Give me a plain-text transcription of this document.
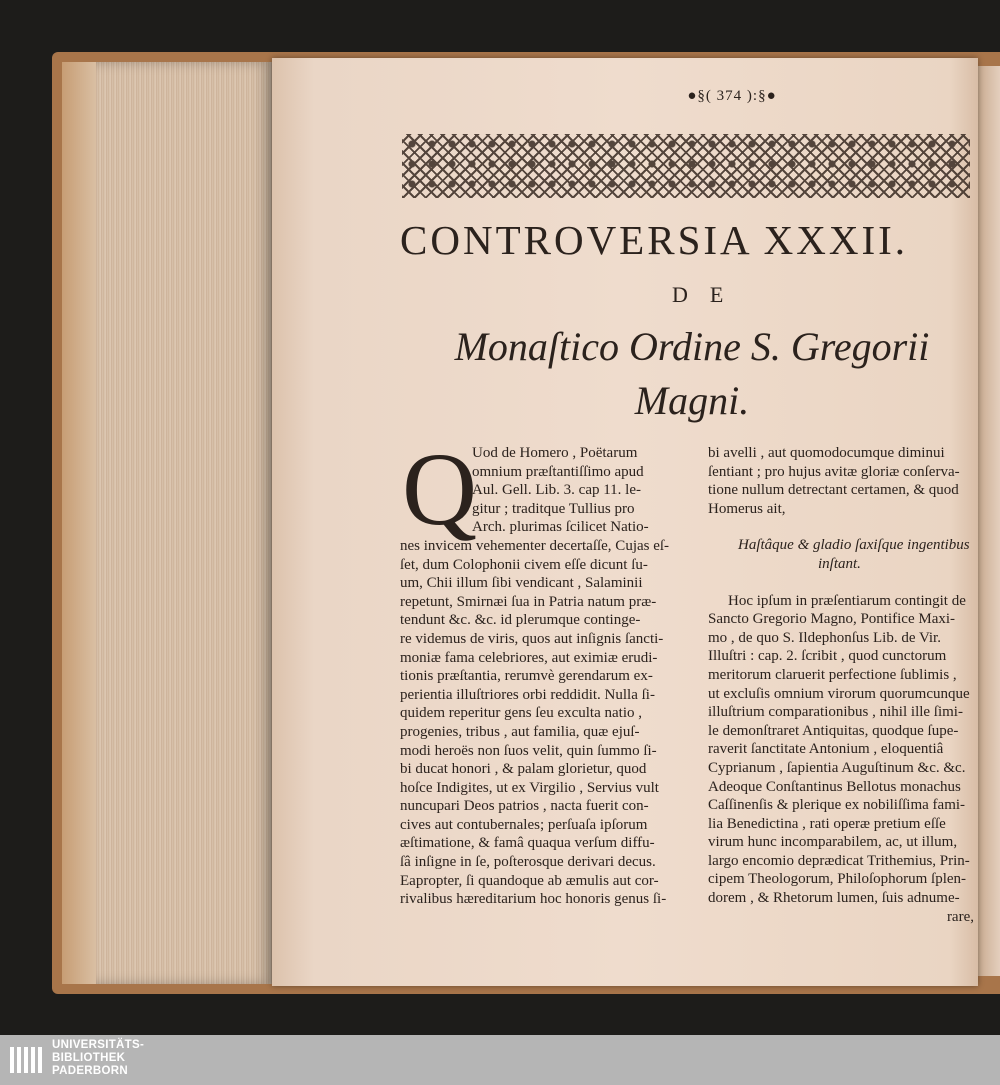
●§( 374 ):§●
CONTROVERSIA XXXII.
DE
Monaſtico Ordine S. Gregorii
Magni.
Q
Uod de Homero , Poëtarum
omnium præſtantiſſimo apud
Aul. Gell. Lib. 3. cap 11. le-
gitur ; traditque Tullius pro
Arch. plurimas ſcilicet Natio-
nes invicem vehementer decertaſſe, Cujas eſ-
ſet, dum Colophonii civem eſſe dicunt ſu-
um, Chii illum ſibi vendicant , Salaminii
repetunt, Smirnæi ſua in Patria natum præ-
tendunt &c. &c. id plerumque continge-
re videmus de viris, quos aut inſignis ſancti-
moniæ fama celebriores, aut eximiæ erudi-
tionis præſtantia, rerumvè gerendarum ex-
perientia illuſtriores orbi reddidit. Nulla ſi-
quidem reperitur gens ſeu exculta natio ,
progenies, tribus , aut familia, quæ ejuſ-
modi heroës non ſuos velit, quin ſummo ſi-
bi ducat honori , & palam glorietur, quod
hoſce Indigites, ut ex Virgilio , Servius vult
nuncupari Deos patrios , nacta fuerit con-
cives aut contubernales; perſuaſa ipſorum
æſtimatione, & famâ quaqua verſum diffu-
ſâ inſigne in ſe, poſterosque derivari decus.
Eapropter, ſi quandoque ab æmulis aut cor-
rivalibus hæreditarium hoc honoris genus ſi-
bi avelli , aut quomodocumque diminui
ſentiant ; pro hujus avitæ gloriæ conſerva-
tione nullum detrectant certamen, & quod
Homerus ait,
Haſtâque & gladio ſaxiſque ingentibus
inſtant.
Hoc ipſum in præſentiarum contingit de
Sancto Gregorio Magno, Pontifice Maxi-
mo , de quo S. Ildephonſus Lib. de Vir.
Illuſtri : cap. 2. ſcribit , quod cunctorum
meritorum claruerit perfectione ſublimis ,
ut excluſis omnium virorum quorumcunque
illuſtrium comparationibus , nihil ille ſimi-
le demonſtraret Antiquitas, quodque ſupe-
raverit ſanctitate Antonium , eloquentiâ
Cyprianum , ſapientia Auguſtinum &c. &c.
Adeoque Conſtantinus Bellotus monachus
Caſſinenſis & plerique ex nobiliſſima fami-
lia Benedictina , rati operæ pretium eſſe
virum hunc incomparabilem, ac, ut illum,
largo encomio deprædicat Trithemius, Prin-
cipem Theologorum, Philoſophorum ſplen-
dorem , & Rhetorum lumen, ſuis adnume-
rare,
UNIVERSITÄTS-
BIBLIOTHEK
PADERBORN
